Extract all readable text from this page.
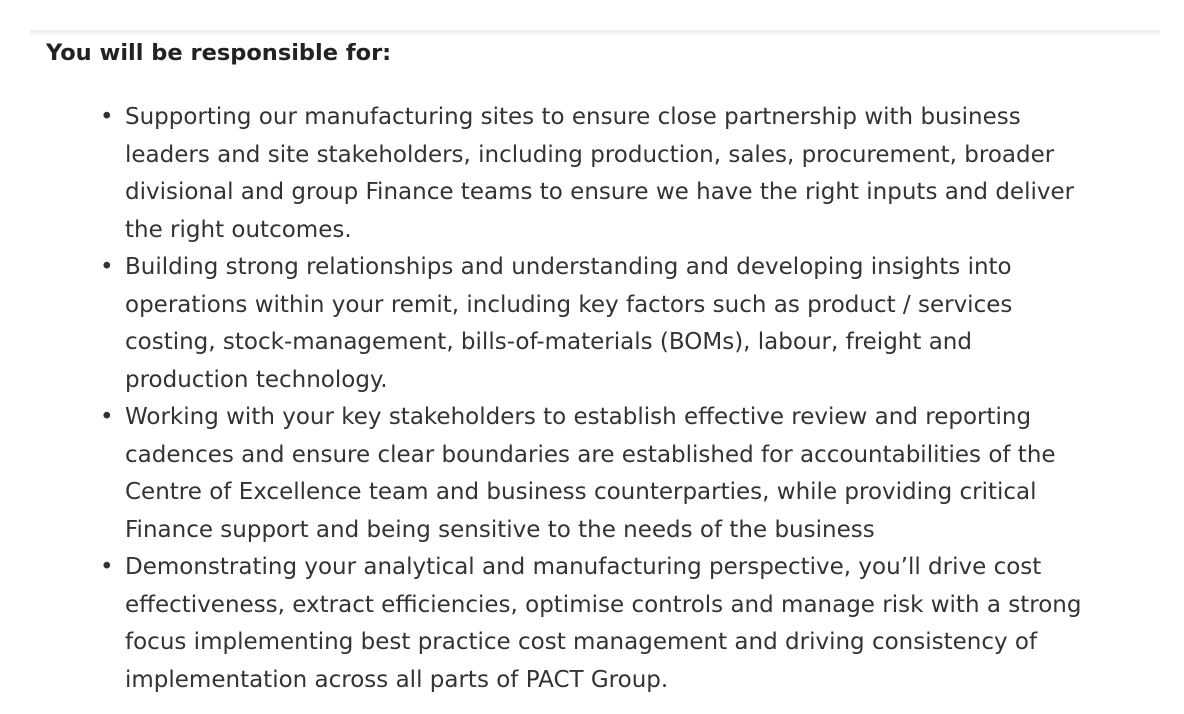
You will be responsible for:
• Supporting our manufacturing sites to ensure close partnership with business
leaders and site stakeholders, including production, sales, procurement, broader
divisional and group Finance teams to ensure we have the right inputs and deliver
the right outcomes.
• Building strong relationships and understanding and developing insights into
operations within your remit, including key factors such as product / services
costing, stock-management, bills-of-materials (BOMs), labour, freight and
production technology.
• Working with your key stakeholders to establish effective review and reporting
cadences and ensure clear boundaries are established for accountabilities of the
Centre of Excellence team and business counterparties, while providing critical
Finance support and being sensitive to the needs of the business
• Demonstrating your analytical and manufacturing perspective, you’ll drive cost
effectiveness, extract efficiencies, optimise controls and manage risk with a strong
focus implementing best practice cost management and driving consistency of
implementation across all parts of PACT Group.
